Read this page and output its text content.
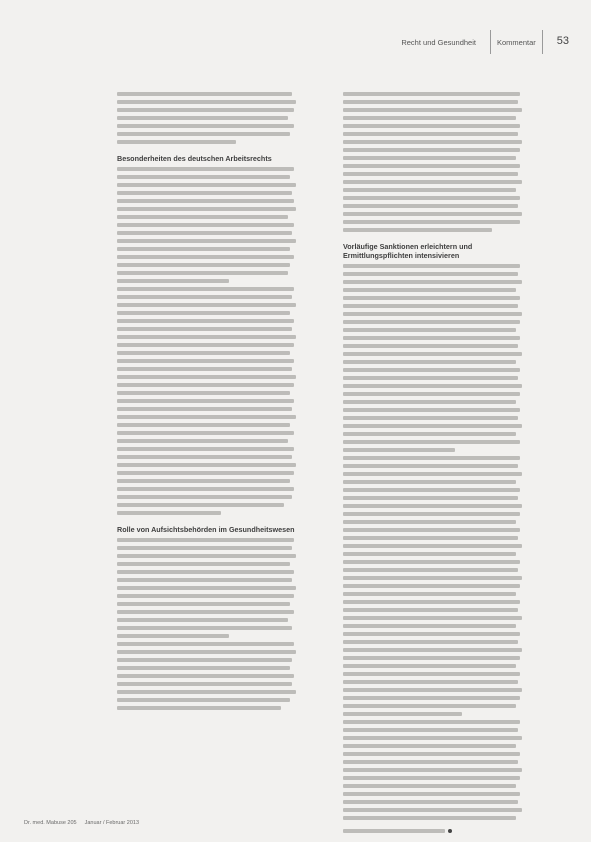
Recht und Gesundheit	Kommentar 53
Besonderheiten des deutschen Arbeitsrechts
Rolle von Aufsichtsbehörden im Gesundheitswesen
Vorläufige Sanktionen erleichtern und Ermittlungspflichten intensivieren
Dr. med. Mabuse 205 Januar / Februar 2013
